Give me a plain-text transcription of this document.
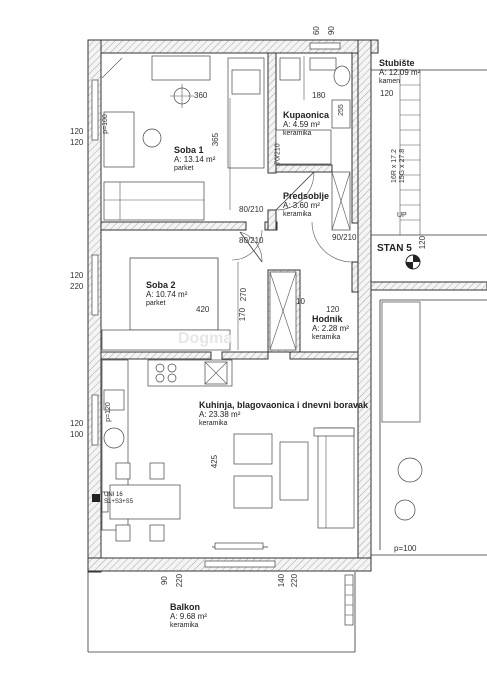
Soba 1
A: 13.14 m²
parket
Soba 2
A: 10.74 m²
parket
Kupaonica
A: 4.59 m²
keramika
Predsoblje
A: 3.60 m²
keramika
Hodnik
A: 2.28 m²
keramika
Kuhinja, blagovaonica i dnevni boravak
A: 23.38 m²
keramika
Balkon
A: 9.68 m²
keramika
Stubište
A: 12.09 m²
kamen
STAN 5
Dogma
60 90
120
360	180
255
365
p=100
120
120
70/210
80/210
80/210	90/210
120
220
270
420	170
10
120
p=120
120
100
425
90 220	140 220
p=100
120
16R x 17.2 15G x 27.8
UP
UNI 16
S1+S3+S5
